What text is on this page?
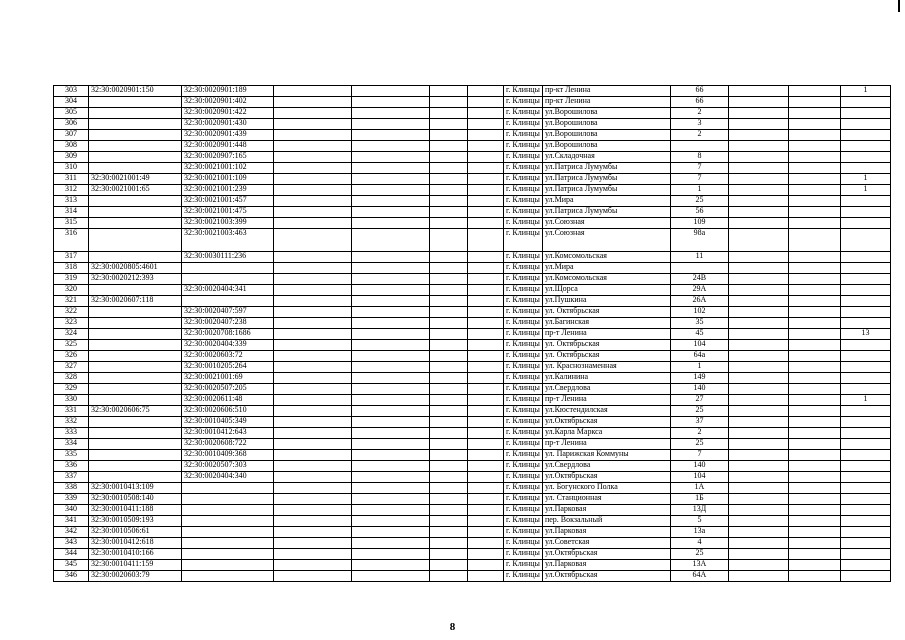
303	32:30:0020901:150	32:30:0020901:189					г. Клинцы	пр-кт Ленина	66			1
304		32:30:0020901:402					г. Клинцы	пр-кт Ленина	66			
305		32:30:0020901:422					г. Клинцы	ул.Ворошилова	2			
306		32:30:0020901:430					г. Клинцы	ул.Ворошилова	3			
307		32:30:0020901:439					г. Клинцы	ул.Ворошилова	2			
308		32:30:0020901:448					г. Клинцы	ул.Ворошилова				
309		32:30:0020907:165					г. Клинцы	ул.Складочная	8			
310		32:30:0021001:102					г. Клинцы	ул.Патриса Лумумбы	7			
311	32:30:0021001:49	32:30:0021001:109					г. Клинцы	ул.Патриса Лумумбы	7			1
312	32:30:0021001:65	32:30:0021001:239					г. Клинцы	ул.Патриса Лумумбы	1			1
313		32:30:0021001:457					г. Клинцы	ул.Мира	25			
314		32:30:0021001:475					г. Клинцы	ул.Патриса Лумумбы	56			
315		32:30:0021003:399					г. Клинцы	ул.Союзная	109			
316		32:30:0021003:463					г. Клинцы	ул.Союзная	98а			
317		32:30:0030111:236					г. Клинцы	ул.Комсомольская	11			
318	32:30:0020805:4601						г. Клинцы	ул.Мира				
319	32:30:0020212:393						г. Клинцы	ул.Комсомольская	24В			
320		32:30:0020404:341					г. Клинцы	ул.Щорса	29А			
321	32:30:0020607:118						г. Клинцы	ул.Пушкина	26А			
322		32:30:0020407:597					г. Клинцы	ул. Октябрьская	102			
323		32:30:0020407:238					г. Клинцы	ул.Багинская	35			
324		32:30:0020708:1686					г. Клинцы	пр-т Ленина	45			13
325		32:30:0020404:339					г. Клинцы	ул. Октябрьская	104			
326		32:30:0020603:72					г. Клинцы	ул. Октябрьская	64а			
327		32:30:0010205:264					г. Клинцы	ул. Краснознаменная	1			
328		32:30:0021001:69					г. Клинцы	ул.Калинина	149			
329		32:30:0020507:205					г. Клинцы	ул.Свердлова	140			
330		32:30:0020611:48					г. Клинцы	пр-т Ленина	27			1
331	32:30:0020606:75	32:30:0020606:510					г. Клинцы	ул.Кюстендилская	25			
332		32:30:0010405:349					г. Клинцы	ул.Октябрьская	37			
333		32:30:0010412:643					г. Клинцы	ул.Карла Маркса	2			
334		32:30:0020608:722					г. Клинцы	пр-т Ленина	25			
335		32:30:0010409:368					г. Клинцы	ул. Парижская Коммуны	7			
336		32:30:0020507:303					г. Клинцы	ул.Свердлова	140			
337		32:30:0020404:340					г. Клинцы	ул.Октябрьская	104			
338	32:30:0010413:109						г. Клинцы	ул. Богунского Полка	1А			
339	32:30:0010508:140						г. Клинцы	ул. Станционная	1Б			
340	32:30:0010411:188						г. Клинцы	ул.Парковая	13Д			
341	32:30:0010509:193						г. Клинцы	пер. Вокзальный	5			
342	32:30:0010506:61						г. Клинцы	ул.Парковая	13а			
343	32:30:0010412:618						г. Клинцы	ул.Советская	4			
344	32:30:0010410:166						г. Клинцы	ул.Октябрьская	25			
345	32:30:0010411:159						г. Клинцы	ул.Парковая	13А			
346	32:30:0020603:79						г. Клинцы	ул.Октябрьская	64А			
8
